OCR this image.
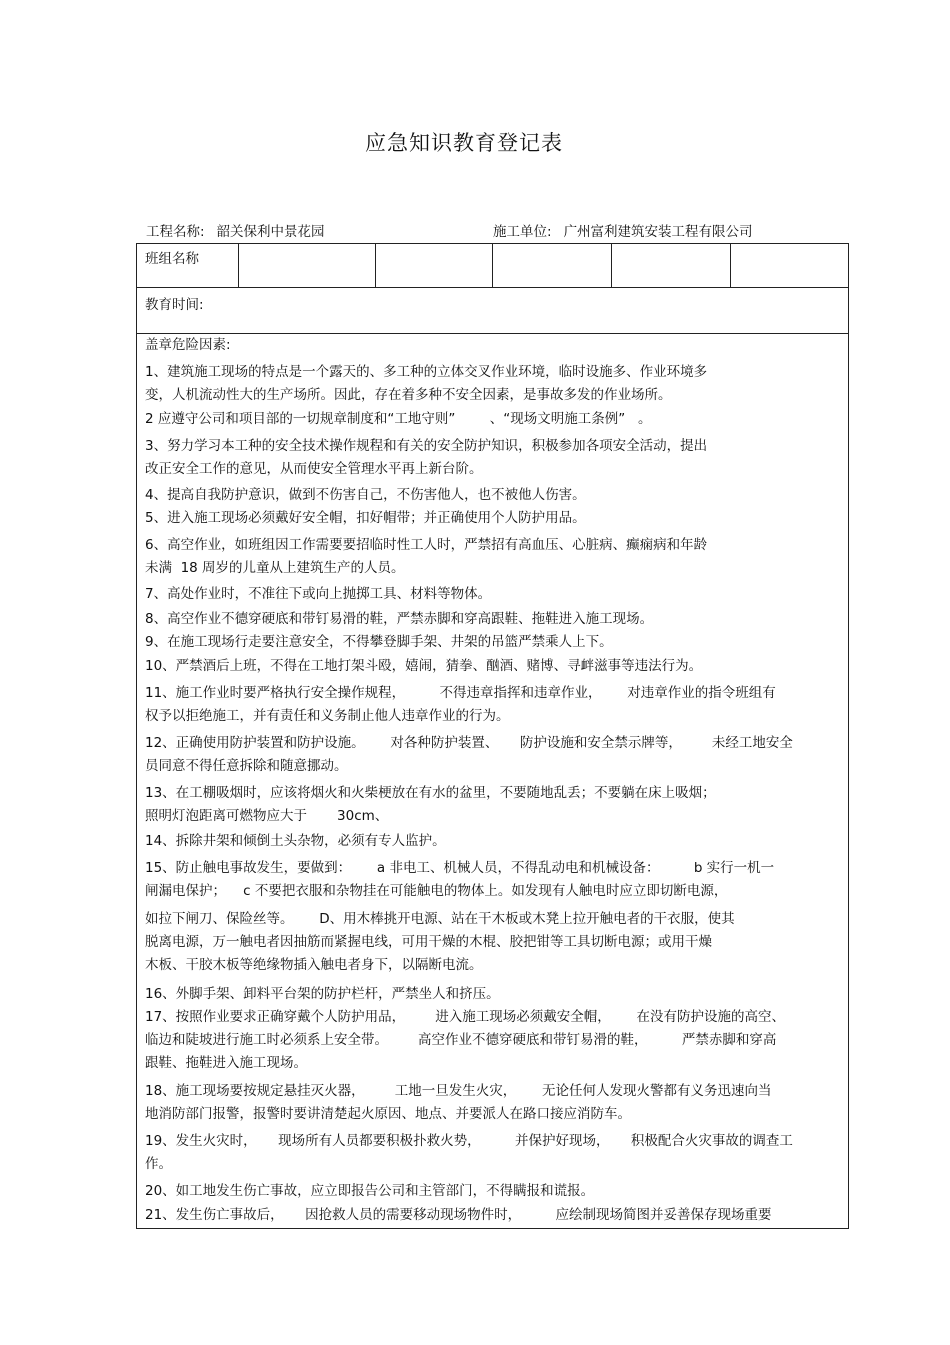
应急知识教育登记表
工程名称: 韶关保利中景花园	施工单位: 广州富利建筑安装工程有限公司
班组名称
教育时间:
盖章危险因素:
1、建筑施工现场的特点是一个露天的、多工种的立体交叉作业环境，临时设施多、作业环境多
变，人机流动性大的生产场所。因此，存在着多种不安全因素，是事故多发的作业场所。
2 应遵守公司和项目部的一切规章制度和“工地守则”        、“现场文明施工条例”   。
3、努力学习本工种的安全技术操作规程和有关的安全防护知识，积极参加各项安全活动，提出
改正安全工作的意见，从而使安全管理水平再上新台阶。
4、提高自我防护意识，做到不伤害自己，不伤害他人，也不被他人伤害。
5、进入施工现场必须戴好安全帽，扣好帽带；并正确使用个人防护用品。
6、高空作业，如班组因工作需要要招临时性工人时，严禁招有高血压、心脏病、癫痫病和年龄
未满  18 周岁的儿童从上建筑生产的人员。
7、高处作业时，不准往下或向上抛掷工具、材料等物体。
8、高空作业不德穿硬底和带钉易滑的鞋，严禁赤脚和穿高跟鞋、拖鞋进入施工现场。
9、在施工现场行走要注意安全，不得攀登脚手架、井架的吊篮严禁乘人上下。
10、严禁酒后上班，不得在工地打架斗殴，嬉闹，猜拳、酗酒、赌博、寻衅滋事等违法行为。
11、施工作业时要严格执行安全操作规程，        不得违章指挥和违章作业，      对违章作业的指令班组有
权予以拒绝施工，并有责任和义务制止他人违章作业的行为。
12、正确使用防护装置和防护设施。      对各种防护装置、     防护设施和安全禁示牌等，       未经工地安全
员同意不得任意拆除和随意挪动。
13、在工棚吸烟时，应该将烟火和火柴梗放在有水的盆里，不要随地乱丢；不要躺在床上吸烟；
照明灯泡距离可燃物应大于       30cm、
14、拆除井架和倾倒土头杂物，必须有专人监护。
15、防止触电事故发生，要做到：      a 非电工、机械人员，不得乱动电和机械设备：        b 实行一机一
闸漏电保护；    c 不要把衣服和杂物挂在可能触电的物体上。如发现有人触电时应立即切断电源，
如拉下闸刀、保险丝等。      D、用木棒挑开电源、站在干木板或木凳上拉开触电者的干衣服，使其
脱离电源，万一触电者因抽筋而紧握电线，可用干燥的木棍、胶把钳等工具切断电源；或用干燥
木板、干胶木板等绝缘物插入触电者身下，以隔断电流。
16、外脚手架、卸料平台架的防护栏杆，严禁坐人和挤压。
17、按照作业要求正确穿戴个人防护用品，       进入施工现场必须戴安全帽，      在没有防护设施的高空、
临边和陡坡进行施工时必须系上安全带。       高空作业不德穿硬底和带钉易滑的鞋，        严禁赤脚和穿高
跟鞋、拖鞋进入施工现场。
18、施工现场要按规定悬挂灭火器，       工地一旦发生火灾，      无论任何人发现火警都有义务迅速向当
地消防部门报警，报警时要讲清楚起火原因、地点、并要派人在路口接应消防车。
19、发生火灾时，     现场所有人员都要积极扑救火势，        并保护好现场，     积极配合火灾事故的调查工
作。
20、如工地发生伤亡事故，应立即报告公司和主管部门，不得瞒报和谎报。
21、发生伤亡事故后，     因抢救人员的需要移动现场物件时，        应绘制现场简图并妥善保存现场重要
